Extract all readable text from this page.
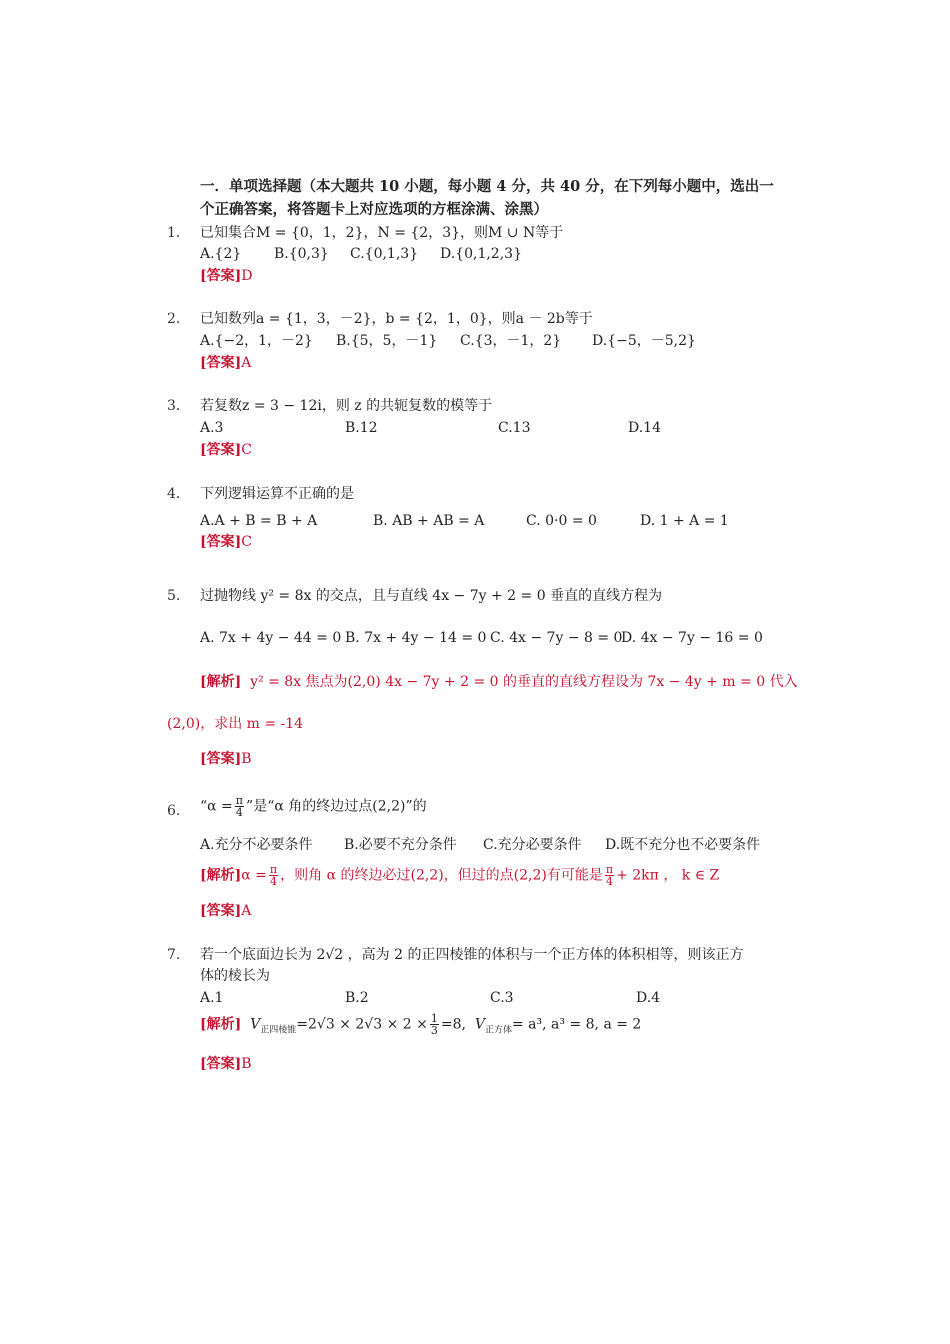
一．单项选择题（本大题共 10 小题，每小题 4 分，共 40 分，在下列每小题中，选出一
个正确答案，将答题卡上对应选项的方框涂满、涂黑）
1. 已知集合M = {0，1，2}，N = {2，3}，则M ∪ N等于
A.{2} B.{0,3} C.{0,1,3} D.{0,1,2,3}
[答案]D
2. 已知数列a = {1，3，－2}，b = {2，1，0}，则a － 2b等于
A.{−2，1，－2} B.{5，5，－1} C.{3，－1，2} D.{−5，－5,2}
[答案]A
3. 若复数z = 3 − 12i，则 z 的共轭复数的模等于
A.3	B.12	C.13	D.14
[答案]C
4. 下列逻辑运算不正确的是
A.A + B = B + A	B. AB + AB = A	C. 0·0 = 0	D. 1 + A = 1
[答案]C
5. 过抛物线 y² = 8x 的交点，且与直线 4x − 7y + 2 = 0 垂直的直线方程为
A. 7x + 4y − 44 = 0 B. 7x + 4y − 14 = 0 C. 4x − 7y − 8 = 0
D. 4x − 7y − 16 = 0
[解析] y² = 8x 焦点为(2,0) 4x − 7y + 2 = 0 的垂直的直线方程设为 7x − 4y + m = 0 代入
(2,0)，求出 m = -14
[答案]B
6. “$\alpha = \frac{\pi}{4}$ ”是“α 角的终边过点(2,2)”的
A.充分不必要条件 B.必要不充分条件 C.充分必要条件 D.既不充分也不必要条件
[解析]$\alpha = \frac{\pi}{4}$ ，则角 α 的终边必过(2,2)，但过的点(2,2)有可能是 $\frac{\pi}{4} + 2k\pi$ ， k ∈ Z
[答案]A
7. 若一个底面边长为 2√2 ，高为 2 的正四棱锥的体积与一个正方体的体积相等，则该正方
体的棱长为
A.1	B.2	C.3	D.4
[解析] $V_{正四棱锥}=2√3 \times 2√3 \times 2 \times \frac{1}{3} =8$, $V_{正方体}= a^3$, a³ = 8, a = 2
[答案]B
